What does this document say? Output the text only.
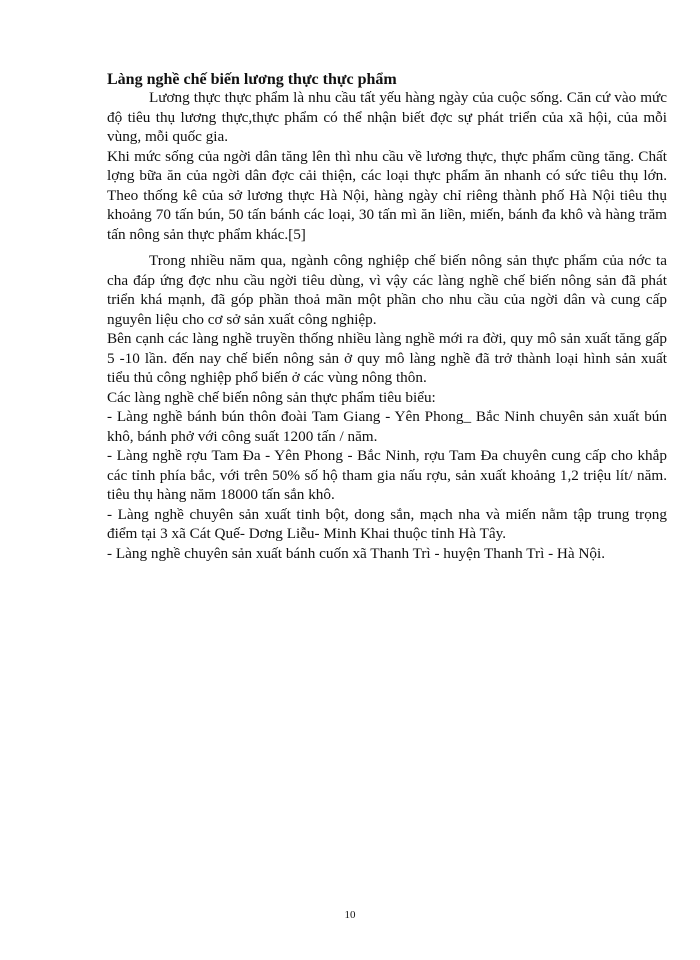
Làng nghề chế biến lương thực thực phẩm

Lương thực thực phẩm là nhu cầu tất yếu hàng ngày của cuộc sống. Căn cứ vào mức độ tiêu thụ lương thực,thực phẩm có thể nhận biết đợc sự phát triển của xã hội, của mỗi vùng, mỗi quốc gia.

Khi mức sống của ngời dân tăng lên thì nhu cầu về lương thực, thực phẩm cũng tăng. Chất lợng bữa ăn của ngời dân đợc cải thiện, các loại thực phẩm ăn nhanh có sức tiêu thụ lớn. Theo thống kê của sở lương thực Hà Nội, hàng ngày chỉ riêng thành phố Hà Nội tiêu thụ khoảng 70 tấn bún, 50 tấn bánh các loại, 30 tấn mì ăn liền, miến, bánh đa khô và hàng trăm tấn nông sản thực phẩm khác.[5]

Trong nhiều năm qua, ngành công nghiệp chế biến nông sản thực phẩm của nớc ta cha đáp ứng đợc nhu cầu ngời tiêu dùng, vì vậy các làng nghề chế biến nông sản đã phát triển khá mạnh, đã góp phần thoả mãn một phần cho nhu cầu của ngời dân và cung cấp nguyên liệu cho cơ sở sản xuất công nghiệp.

Bên cạnh các làng nghề truyền thống nhiều làng nghề mới ra đời, quy mô sản xuất tăng gấp 5 -10 lần. đến nay chế biến nông sản ở quy mô làng nghề đã trở thành loại hình sản xuất tiểu thủ công nghiệp phổ biến ở các vùng nông thôn.

Các làng nghề chế biến nông sản thực phẩm tiêu biểu:

- Làng nghề bánh bún thôn đoài Tam Giang - Yên Phong_ Bắc Ninh chuyên sản xuất bún khô, bánh phở với công suất 1200 tấn / năm.

- Làng nghề rợu Tam Đa - Yên Phong - Bắc Ninh, rợu Tam Đa chuyên cung cấp cho khắp các tỉnh phía bắc, với trên 50% số hộ tham gia nấu rợu, sản xuất khoảng 1,2 triệu lít/ năm. tiêu thụ hàng năm 18000 tấn sắn khô.

- Làng nghề chuyên sản xuất tinh bột, dong sắn, mạch nha và miến nằm tập trung trọng điểm tại 3 xã Cát Quế- Dơng Liễu- Minh Khai thuộc tỉnh Hà Tây.

- Làng nghề chuyên sản xuất bánh cuốn xã Thanh Trì - huyện Thanh Trì - Hà Nội.

10
